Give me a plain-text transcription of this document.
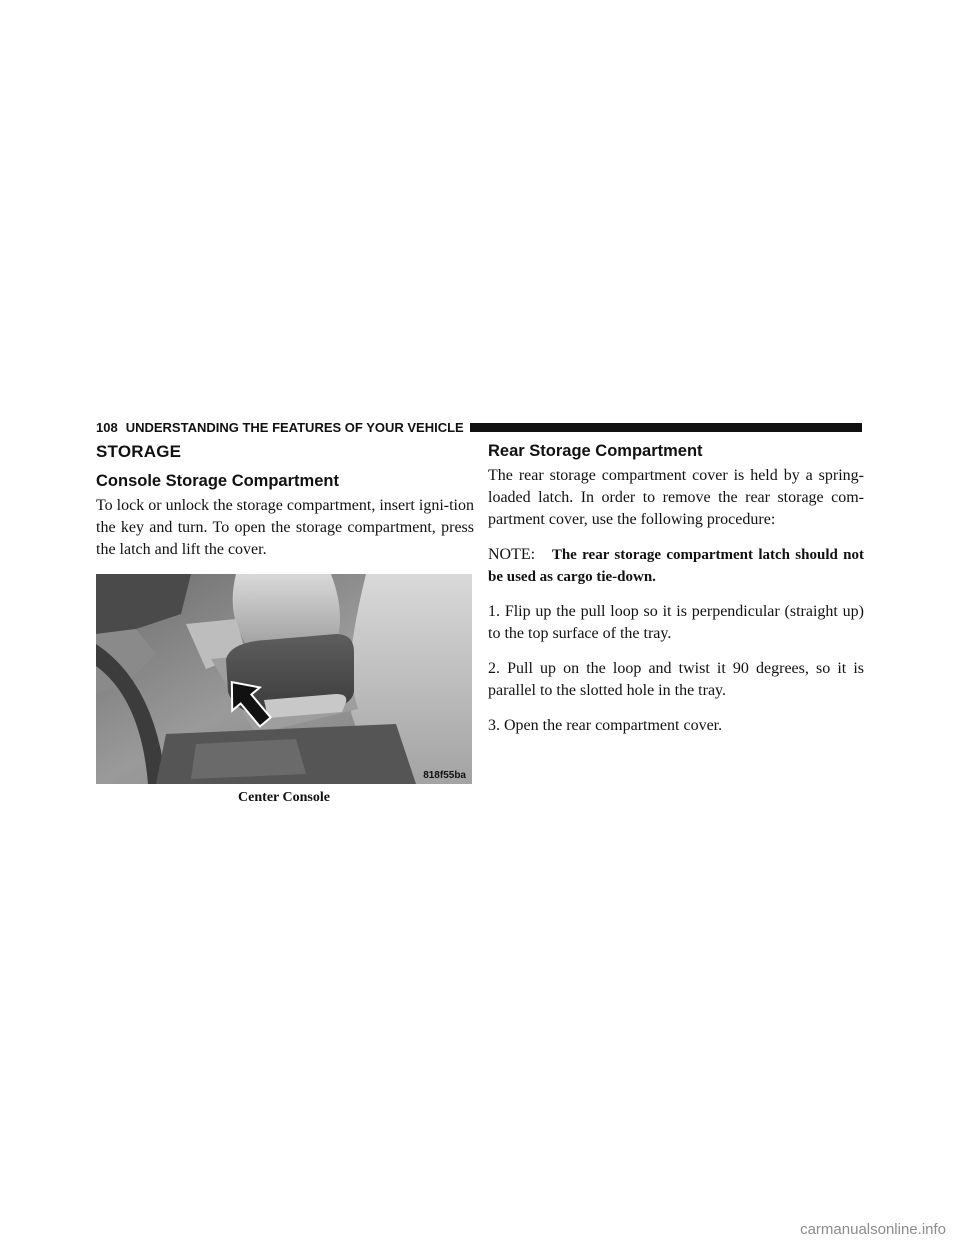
108 UNDERSTANDING THE FEATURES OF YOUR VEHICLE
STORAGE
Console Storage Compartment

To lock or unlock the storage compartment, insert igni-tion the key and turn. To open the storage compartment, press the latch and lift the cover.

818f55ba
Center Console
Rear Storage Compartment

The rear storage compartment cover is held by a spring-loaded latch. In order to remove the rear storage com-partment cover, use the following procedure:

NOTE: The rear storage compartment latch should not be used as cargo tie-down.

1. Flip up the pull loop so it is perpendicular (straight up) to the top surface of the tray.

2. Pull up on the loop and twist it 90 degrees, so it is parallel to the slotted hole in the tray.

3. Open the rear compartment cover.

carmanualsonline.info
